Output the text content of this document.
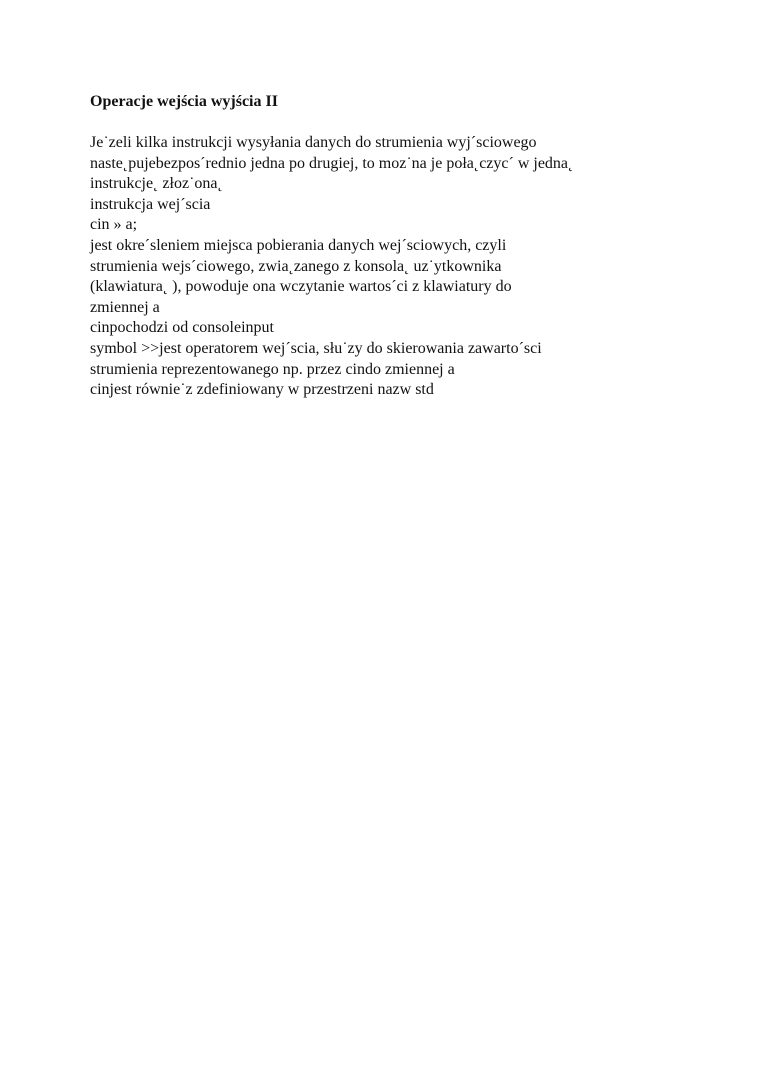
Operacje wejścia wyjścia II
Je˙zeli kilka instrukcji wysyłania danych do strumienia wyj´sciowego
naste˛pujebezpos´rednio jedna po drugiej, to moz˙na je poła˛czyc´ w jedna˛
instrukcje˛ złoz˙ona˛
instrukcja wej´scia
cin » a;
jest okre´sleniem miejsca pobierania danych wej´sciowych, czyli
strumienia wejs´ciowego, zwia˛zanego z konsola˛ uz˙ytkownika
(klawiatura˛ ), powoduje ona wczytanie wartos´ci z klawiatury do
zmiennej a
cinpochodzi od consoleinput
symbol >>jest operatorem wej´scia, słu˙zy do skierowania zawarto´sci
strumienia reprezentowanego np. przez cindo zmiennej a
cinjest równie˙z zdefiniowany w przestrzeni nazw std
